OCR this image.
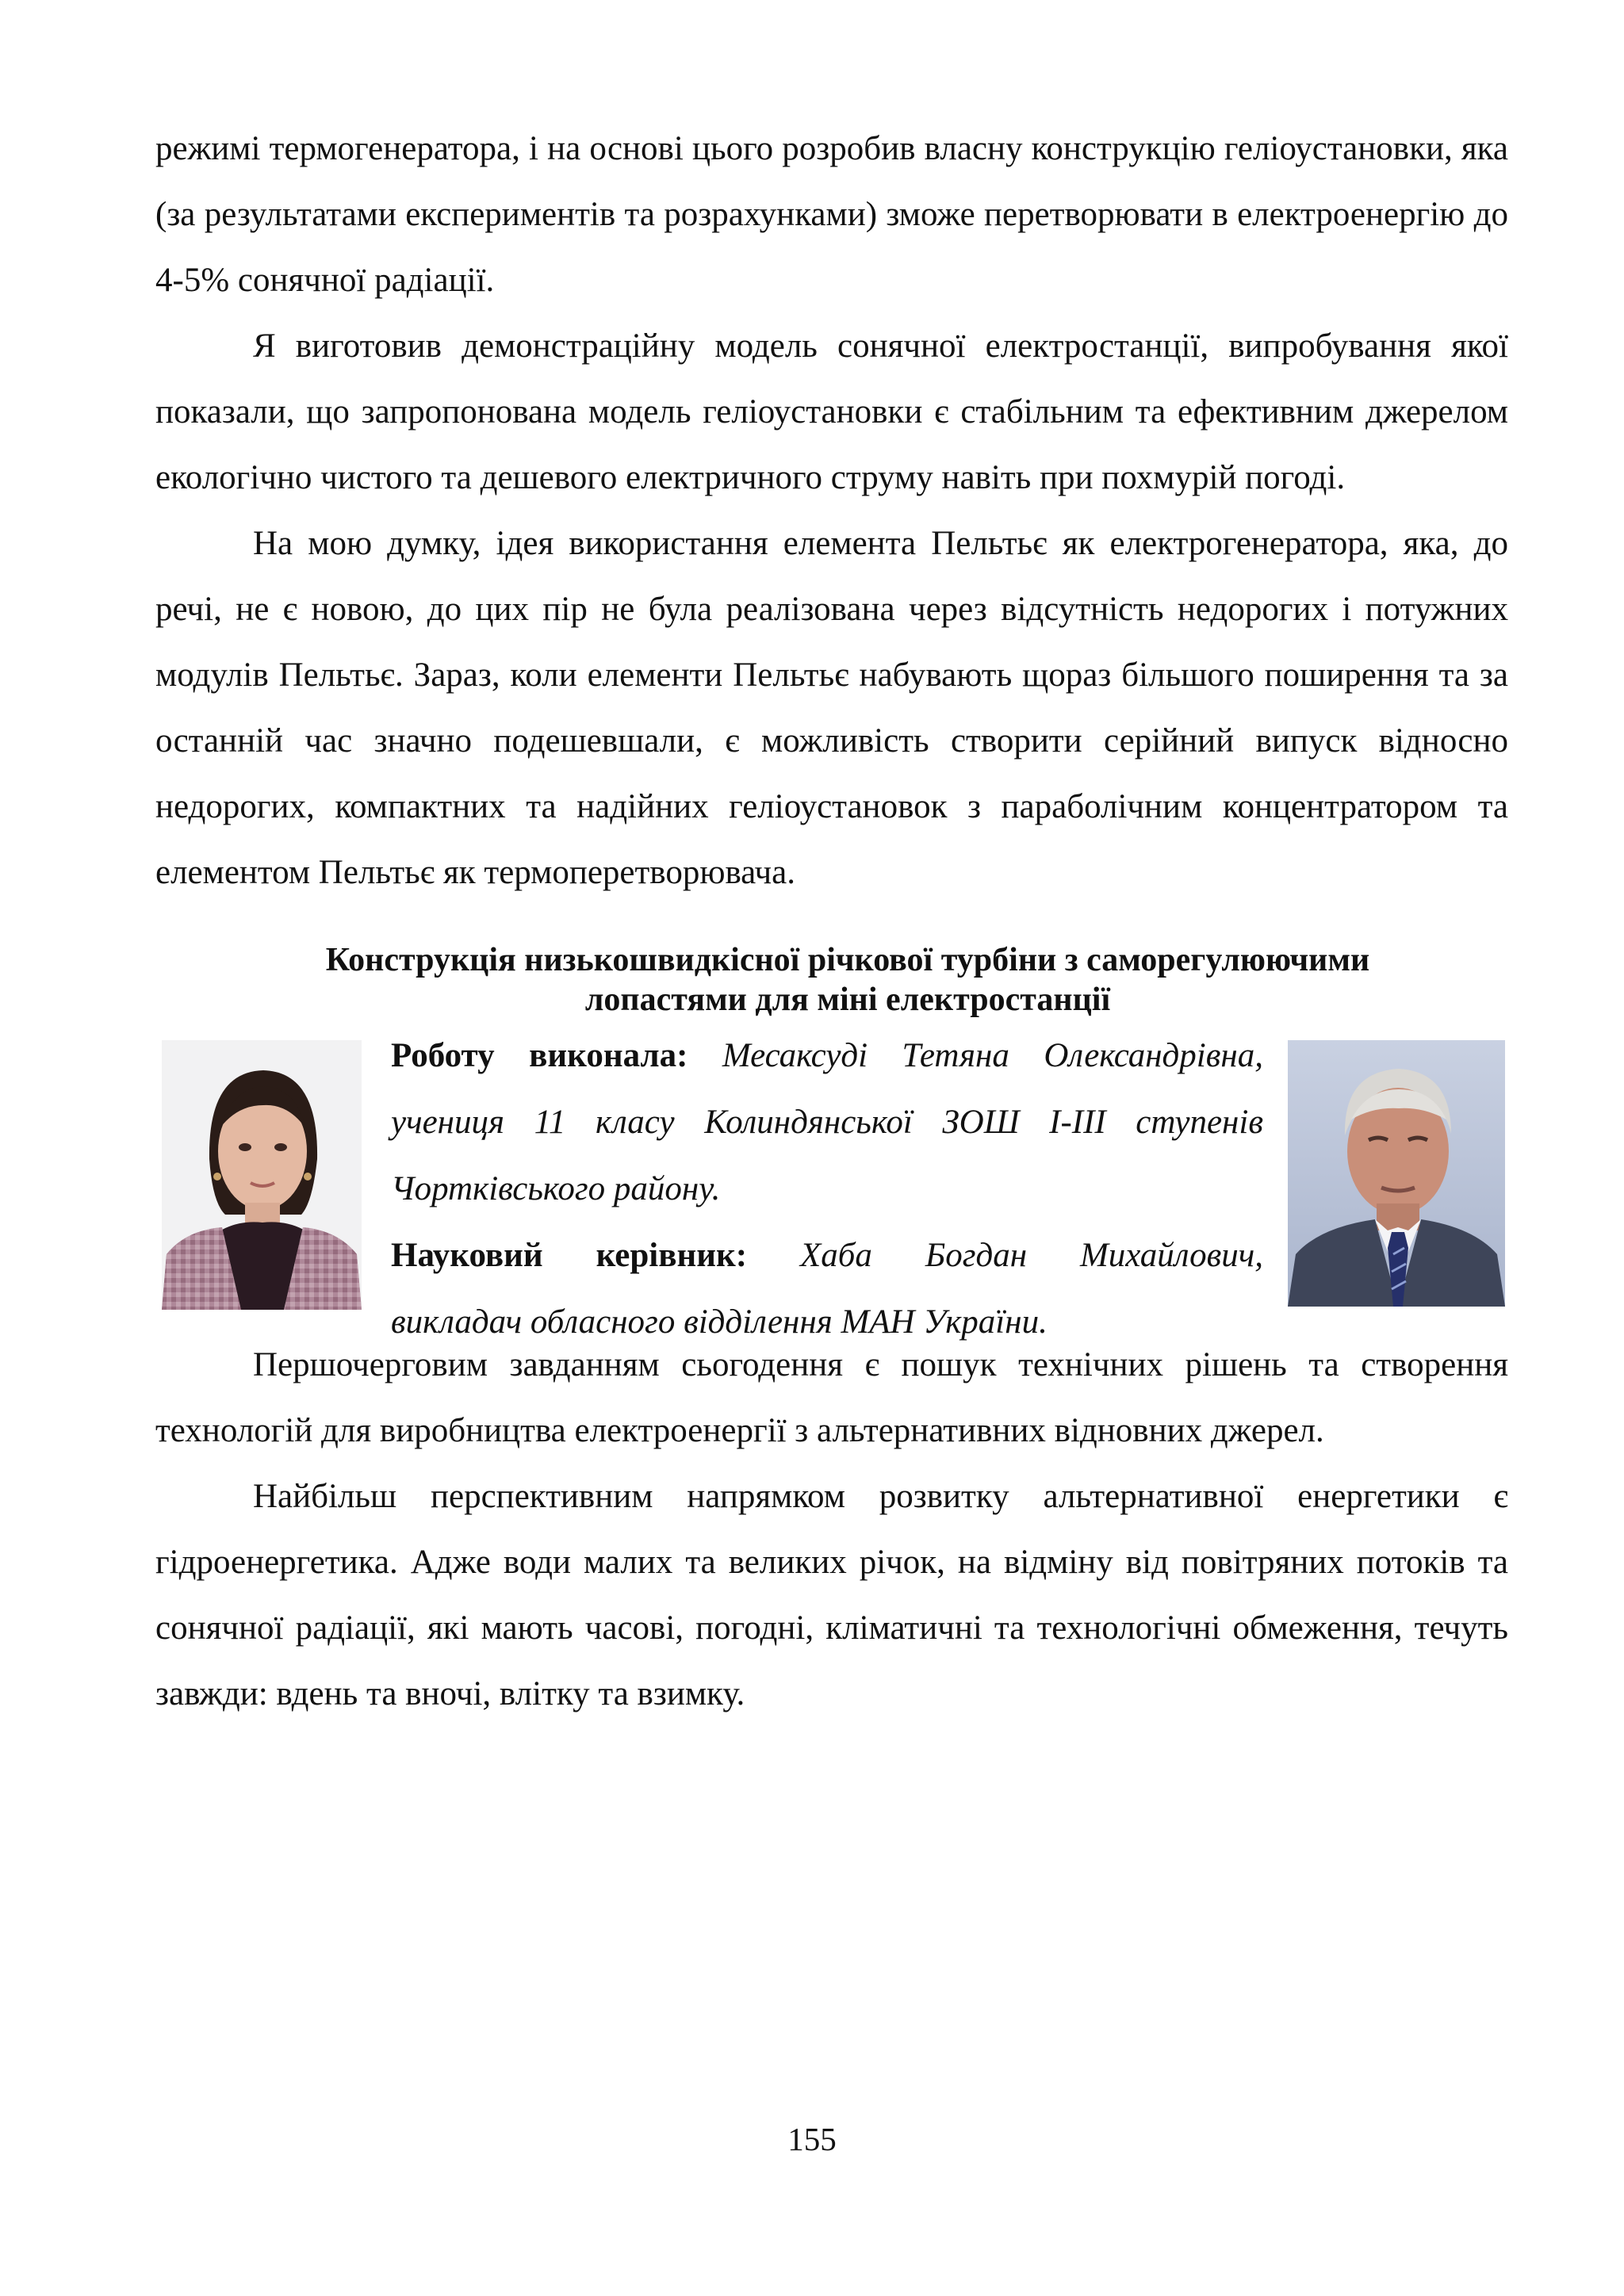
режимі термогенератора, і на основі цього розробив власну конструкцію геліоустановки, яка (за результатами експериментів та розрахунками) зможе перетворювати в електроенергію до 4-5% сонячної радіації.

Я виготовив демонстраційну модель сонячної електростанції, випробування якої показали, що запропонована модель геліоустановки є стабільним та ефективним джерелом екологічно чистого та дешевого електричного струму навіть при похмурій погоді.

На мою думку, ідея використання елемента Пельтьє як електрогенератора, яка, до речі, не є новою, до цих пір не була реалізована через відсутність недорогих і потужних модулів Пельтьє. Зараз, коли елементи Пельтьє набувають щораз більшого поширення та за останній час значно подешевшали, є можливість створити серійний випуск відносно недорогих, компактних та надійних геліоустановок з параболічним концентратором та елементом Пельтьє як термоперетворювача.

Конструкція низькошвидкісної річкової турбіни з саморегулюючими
лопастями для міні електростанції
Роботу виконала: Месаксуді Тетяна Олександрівна,
учениця 11 класу Колиндянської ЗОШ І-ІІІ ступенів
Чортківського району.
Науковий керівник: Хаба Богдан Михайлович,
викладач обласного відділення МАН України.

Першочерговим завданням сьогодення є пошук технічних рішень та створення технологій для виробництва електроенергії з альтернативних відновних джерел.

Найбільш перспективним напрямком розвитку альтернативної енергетики є гідроенергетика. Адже води малих та великих річок, на відміну від повітряних потоків та сонячної радіації, які мають часові, погодні, кліматичні та технологічні обмеження, течуть завжди: вдень та вночі, влітку та взимку.

155
